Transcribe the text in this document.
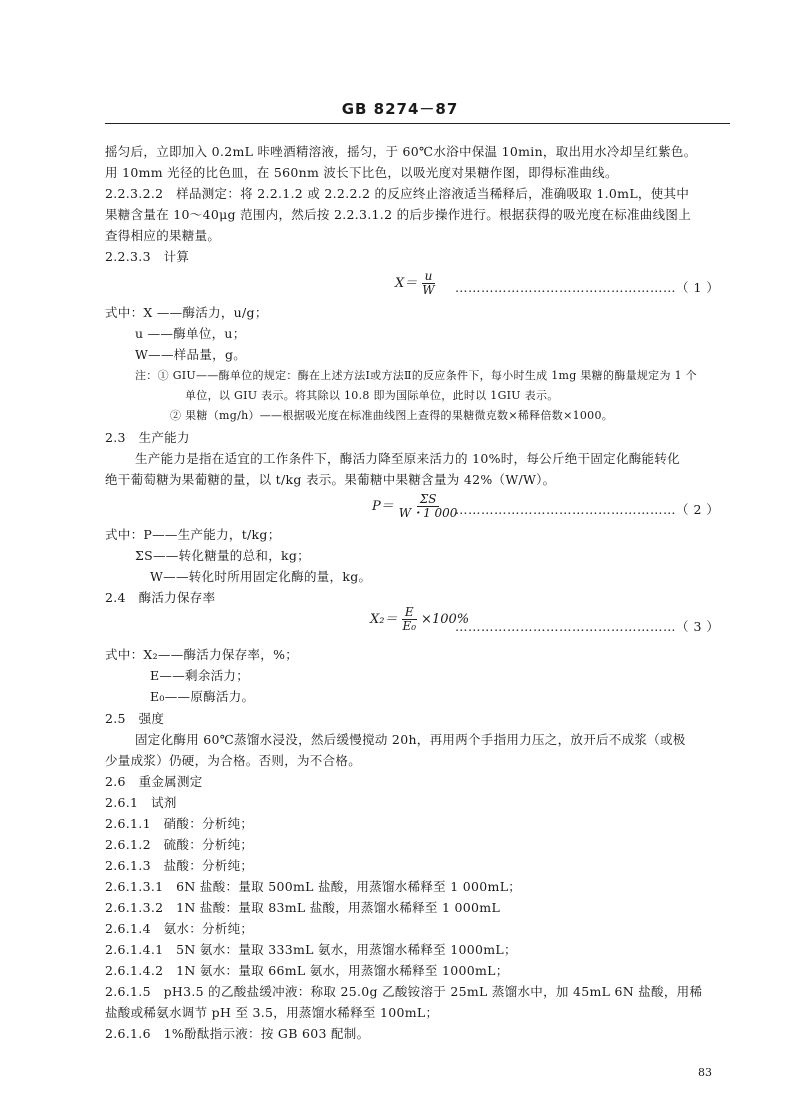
GB 8274－87
摇匀后，立即加入 0.2mL 咔唑酒精溶液，摇匀，于 60℃水浴中保温 10min，取出用水冷却呈红紫色。
用 10mm 光径的比色皿，在 560nm 波长下比色，以吸光度对果糖作图，即得标准曲线。
2.2.3.2.2　样品测定：将 2.2.1.2 或 2.2.2.2 的反应终止溶液适当稀释后，准确吸取 1.0mL，使其中
果糖含量在 10～40μg 范围内，然后按 2.2.3.1.2 的后步操作进行。根据获得的吸光度在标准曲线图上
查得相应的果糖量。
2.2.3.3　计算
$X= \frac{u}{W}$ ……………………………………………（ 1 ）
式中：X ——酶活力，u/g；
u ——酶单位，u；
W——样品量，g。
注：① GIU——酶单位的规定：酶在上述方法Ⅰ或方法Ⅱ的反应条件下，每小时生成 1mg 果糖的酶量规定为 1 个
单位，以 GIU 表示。将其除以 10.8 即为国际单位，此时以 1GIU 表示。
② 果糖（mg/h）——根据吸光度在标准曲线图上查得的果糖微克数×稀释倍数×1000。
2.3　生产能力
生产能力是指在适宜的工作条件下，酶活力降至原来活力的 10%时，每公斤绝干固定化酶能转化
绝干葡萄糖为果葡糖的量，以 t/kg 表示。果葡糖中果糖含量为 42%（W/W）。
$P= \frac{\Sigma S}{W・1 000}$
……………………………………………（ 2 ）
式中：P——生产能力，t/kg；
ΣS——转化糖量的总和，kg；
W——转化时所用固定化酶的量，kg。
2.4　酶活力保存率
$X_2= \frac{E}{\text{E₀}} \times 100\%$
……………………………………………（ 3 ）
式中：X₂——酶活力保存率，%；
E——剩余活力；
E₀——原酶活力。
2.5　强度
固定化酶用 60℃蒸馏水浸没，然后缓慢搅动 20h，再用两个手指用力压之，放开后不成浆（或极
少量成浆）仍硬，为合格。否则，为不合格。
2.6　重金属测定
2.6.1　试剂
2.6.1.1　硝酸：分析纯；
2.6.1.2　硫酸：分析纯；
2.6.1.3　盐酸：分析纯；
2.6.1.3.1　6N 盐酸：量取 500mL 盐酸，用蒸馏水稀释至 1 000mL；
2.6.1.3.2　1N 盐酸：量取 83mL 盐酸，用蒸馏水稀释至 1 000mL
2.6.1.4　氨水：分析纯；
2.6.1.4.1　5N 氨水：量取 333mL 氨水，用蒸馏水稀释至 1000mL；
2.6.1.4.2　1N 氨水：量取 66mL 氨水，用蒸馏水稀释至 1000mL；
2.6.1.5　pH3.5 的乙酸盐缓冲液：称取 25.0g 乙酸铵溶于 25mL 蒸馏水中，加 45mL 6N 盐酸，用稀
盐酸或稀氨水调节 pH 至 3.5，用蒸馏水稀释至 100mL；
2.6.1.6　1%酚酞指示液：按 GB 603 配制。
83
